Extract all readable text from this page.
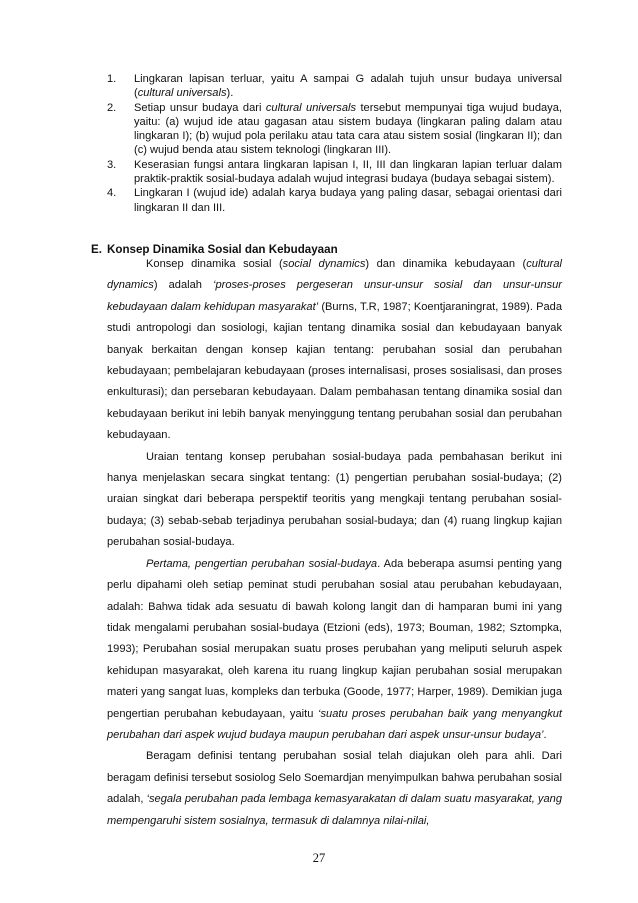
1. Lingkaran lapisan terluar, yaitu A sampai G adalah tujuh unsur budaya universal (cultural universals).
2. Setiap unsur budaya dari cultural universals tersebut mempunyai tiga wujud budaya, yaitu: (a) wujud ide atau gagasan atau sistem budaya (lingkaran paling dalam atau lingkaran I); (b) wujud pola perilaku atau tata cara atau sistem sosial (lingkaran II); dan (c) wujud benda atau sistem teknologi (lingkaran III).
3. Keserasian fungsi antara lingkaran lapisan I, II, III dan lingkaran lapian terluar dalam praktik-praktik sosial-budaya adalah wujud integrasi budaya (budaya sebagai sistem).
4. Lingkaran I (wujud ide) adalah karya budaya yang paling dasar, sebagai orientasi dari lingkaran II dan III.
E. Konsep Dinamika Sosial dan Kebudayaan

Konsep dinamika sosial (social dynamics) dan dinamika kebudayaan (cultural dynamics) adalah ‘proses-proses pergeseran unsur-unsur sosial dan unsur-unsur kebudayaan dalam kehidupan masyarakat’ (Burns, T.R, 1987; Koentjaraningrat, 1989). Pada studi antropologi dan sosiologi, kajian tentang dinamika sosial dan kebudayaan banyak banyak berkaitan dengan konsep kajian tentang: perubahan sosial dan perubahan kebudayaan; pembelajaran kebudayaan (proses internalisasi, proses sosialisasi, dan proses enkulturasi); dan persebaran kebudayaan. Dalam pembahasan tentang dinamika sosial dan kebudayaan berikut ini lebih banyak menyinggung tentang perubahan sosial dan perubahan kebudayaan.

Uraian tentang konsep perubahan sosial-budaya pada pembahasan berikut ini hanya menjelaskan secara singkat tentang: (1) pengertian perubahan sosial-budaya; (2) uraian singkat dari beberapa perspektif teoritis yang mengkaji tentang perubahan sosial-budaya; (3) sebab-sebab terjadinya perubahan sosial-budaya; dan (4) ruang lingkup kajian perubahan sosial-budaya.

Pertama, pengertian perubahan sosial-budaya. Ada beberapa asumsi penting yang perlu dipahami oleh setiap peminat studi perubahan sosial atau perubahan kebudayaan, adalah: Bahwa tidak ada sesuatu di bawah kolong langit dan di hamparan bumi ini yang tidak mengalami perubahan sosial-budaya (Etzioni (eds), 1973; Bouman, 1982; Sztompka, 1993); Perubahan sosial merupakan suatu proses perubahan yang meliputi seluruh aspek kehidupan masyarakat, oleh karena itu ruang lingkup kajian perubahan sosial merupakan materi yang sangat luas, kompleks dan terbuka (Goode, 1977; Harper, 1989). Demikian juga pengertian perubahan kebudayaan, yaitu ‘suatu proses perubahan baik yang menyangkut perubahan dari aspek wujud budaya maupun perubahan dari aspek unsur-unsur budaya’.

Beragam definisi tentang perubahan sosial telah diajukan oleh para ahli. Dari beragam definisi tersebut sosiolog Selo Soemardjan menyimpulkan bahwa perubahan sosial adalah, ‘segala perubahan pada lembaga kemasyarakatan di dalam suatu masyarakat, yang mempengaruhi sistem sosialnya, termasuk di dalamnya nilai-nilai,

27
